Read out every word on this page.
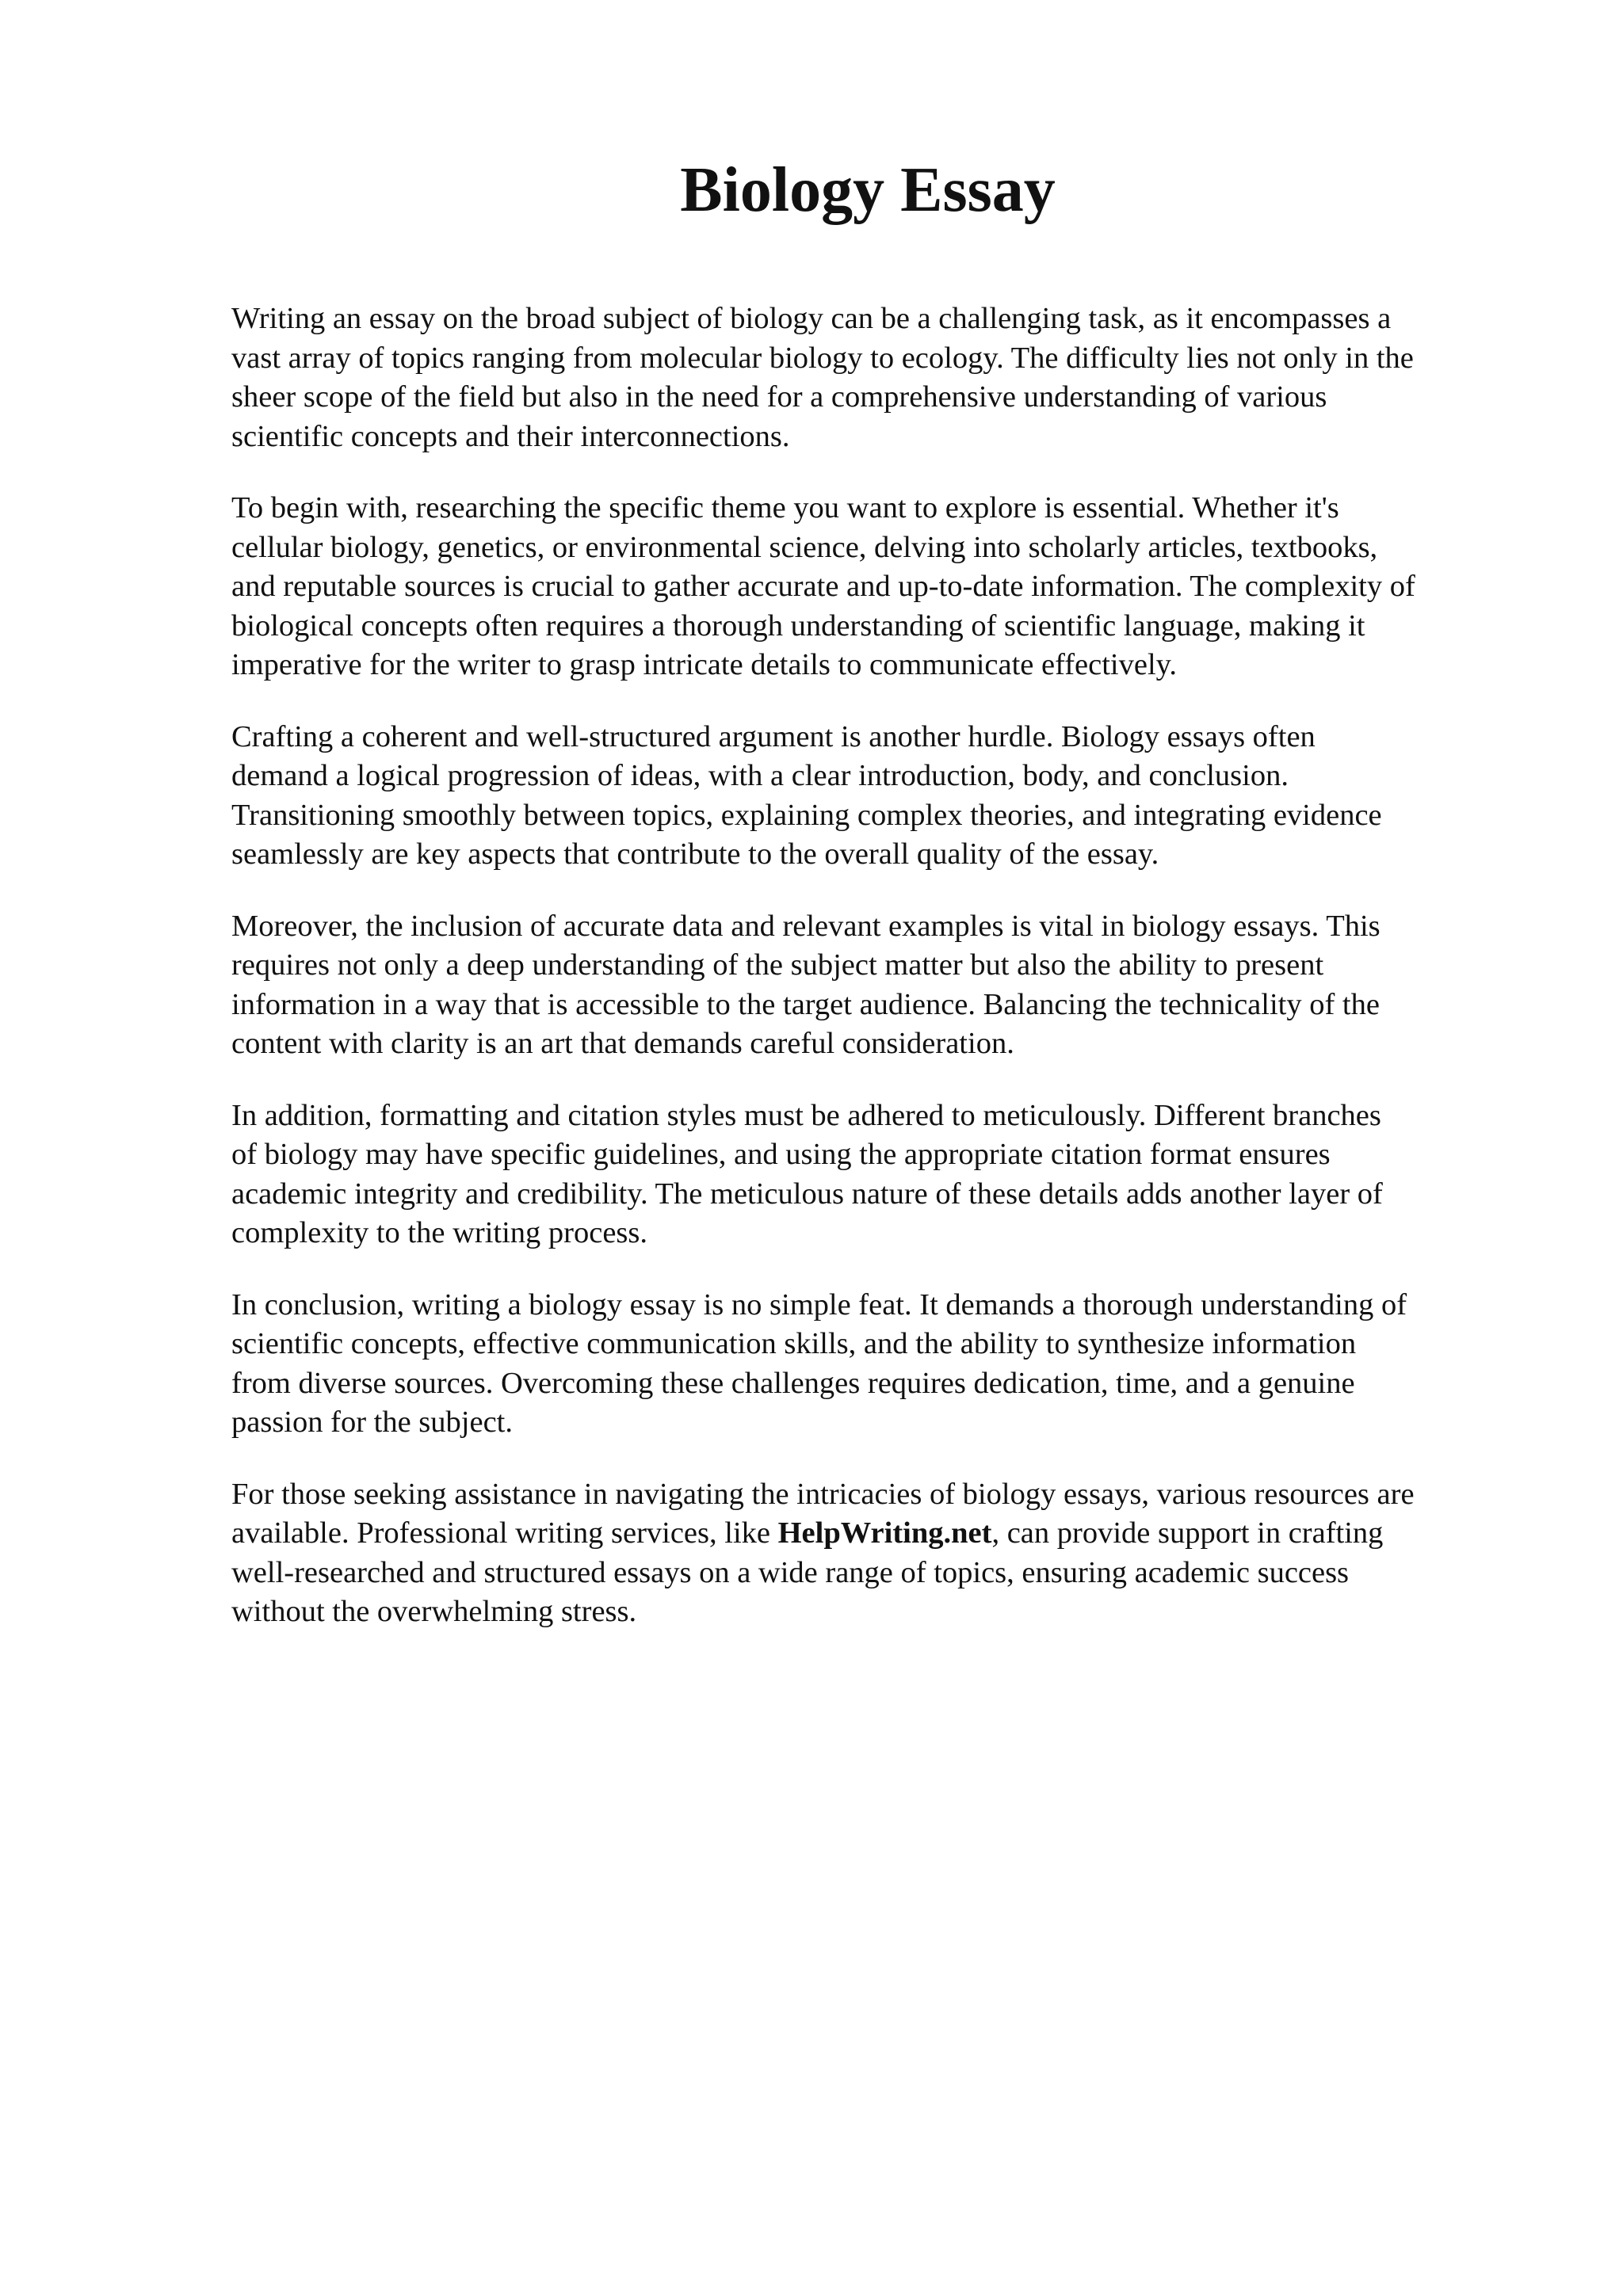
Biology Essay

Writing an essay on the broad subject of biology can be a challenging task, as it encompasses a
vast array of topics ranging from molecular biology to ecology. The difficulty lies not only in the
sheer scope of the field but also in the need for a comprehensive understanding of various
scientific concepts and their interconnections.

To begin with, researching the specific theme you want to explore is essential. Whether it's
cellular biology, genetics, or environmental science, delving into scholarly articles, textbooks,
and reputable sources is crucial to gather accurate and up-to-date information. The complexity of
biological concepts often requires a thorough understanding of scientific language, making it
imperative for the writer to grasp intricate details to communicate effectively.

Crafting a coherent and well-structured argument is another hurdle. Biology essays often
demand a logical progression of ideas, with a clear introduction, body, and conclusion.
Transitioning smoothly between topics, explaining complex theories, and integrating evidence
seamlessly are key aspects that contribute to the overall quality of the essay.

Moreover, the inclusion of accurate data and relevant examples is vital in biology essays. This
requires not only a deep understanding of the subject matter but also the ability to present
information in a way that is accessible to the target audience. Balancing the technicality of the
content with clarity is an art that demands careful consideration.

In addition, formatting and citation styles must be adhered to meticulously. Different branches
of biology may have specific guidelines, and using the appropriate citation format ensures
academic integrity and credibility. The meticulous nature of these details adds another layer of
complexity to the writing process.

In conclusion, writing a biology essay is no simple feat. It demands a thorough understanding of
scientific concepts, effective communication skills, and the ability to synthesize information
from diverse sources. Overcoming these challenges requires dedication, time, and a genuine
passion for the subject.

For those seeking assistance in navigating the intricacies of biology essays, various resources are
available. Professional writing services, like HelpWriting.net, can provide support in crafting
well-researched and structured essays on a wide range of topics, ensuring academic success
without the overwhelming stress.
